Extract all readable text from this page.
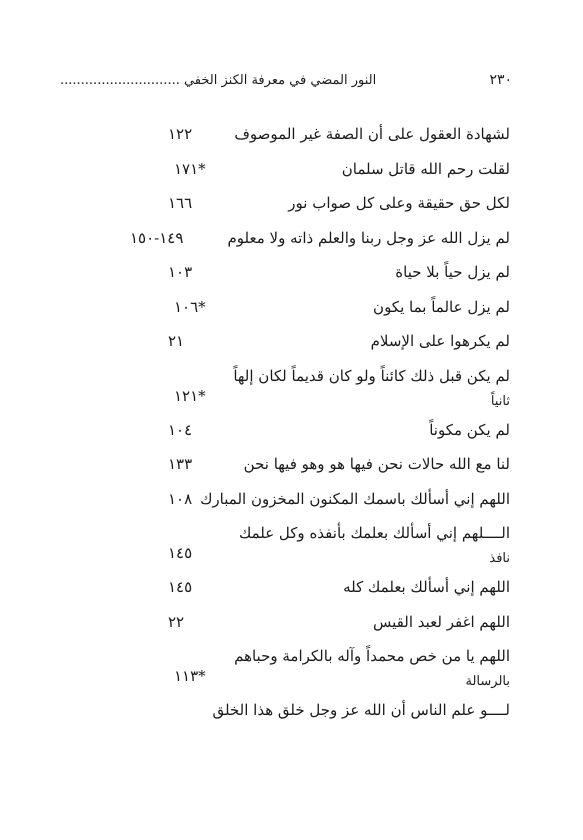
٢٣٠
النور المضي في معرفة الكنز الخفي .............................
لشهادة العقول على أن الصفة غير الموصوف
١٢٢
لقلت رحم الله قاتل سلمان
١٧١*
لكل حق حقيقة وعلى كل صواب نور
١٦٦
لم يزل الله عز وجل ربنا والعلم ذاته ولا معلوم
١٤٩-١٥٠
لم يزل حياً بلا حياة
١٠٣
لم يزل عالماً بما يكون
١٠٦*
لم يكرهوا على الإسلام
٢١
لم يكن قبل ذلك كائناً ولو كان قديماً لكان إلهاً
ثانياً
١٢١*
لم يكن مكوناً
١٠٤
لنا مع الله حالات نحن فيها هو وهو فيها نحن
١٣٣
اللهم إني أسألك باسمك المكنون المخزون المبارك
١٠٨
الــــلهم إني أسألك بعلمك بأنفذه وكل علمك
نافذ
١٤٥
اللهم إني أسألك بعلمك كله
١٤٥
اللهم اغفر لعبد القيس
٢٢
اللهم يا من خص محمداً وآله بالكرامة وحباهم
بالرسالة
١١٣*
لــــو علم الناس أن الله عز وجل خلق هذا الخلق
